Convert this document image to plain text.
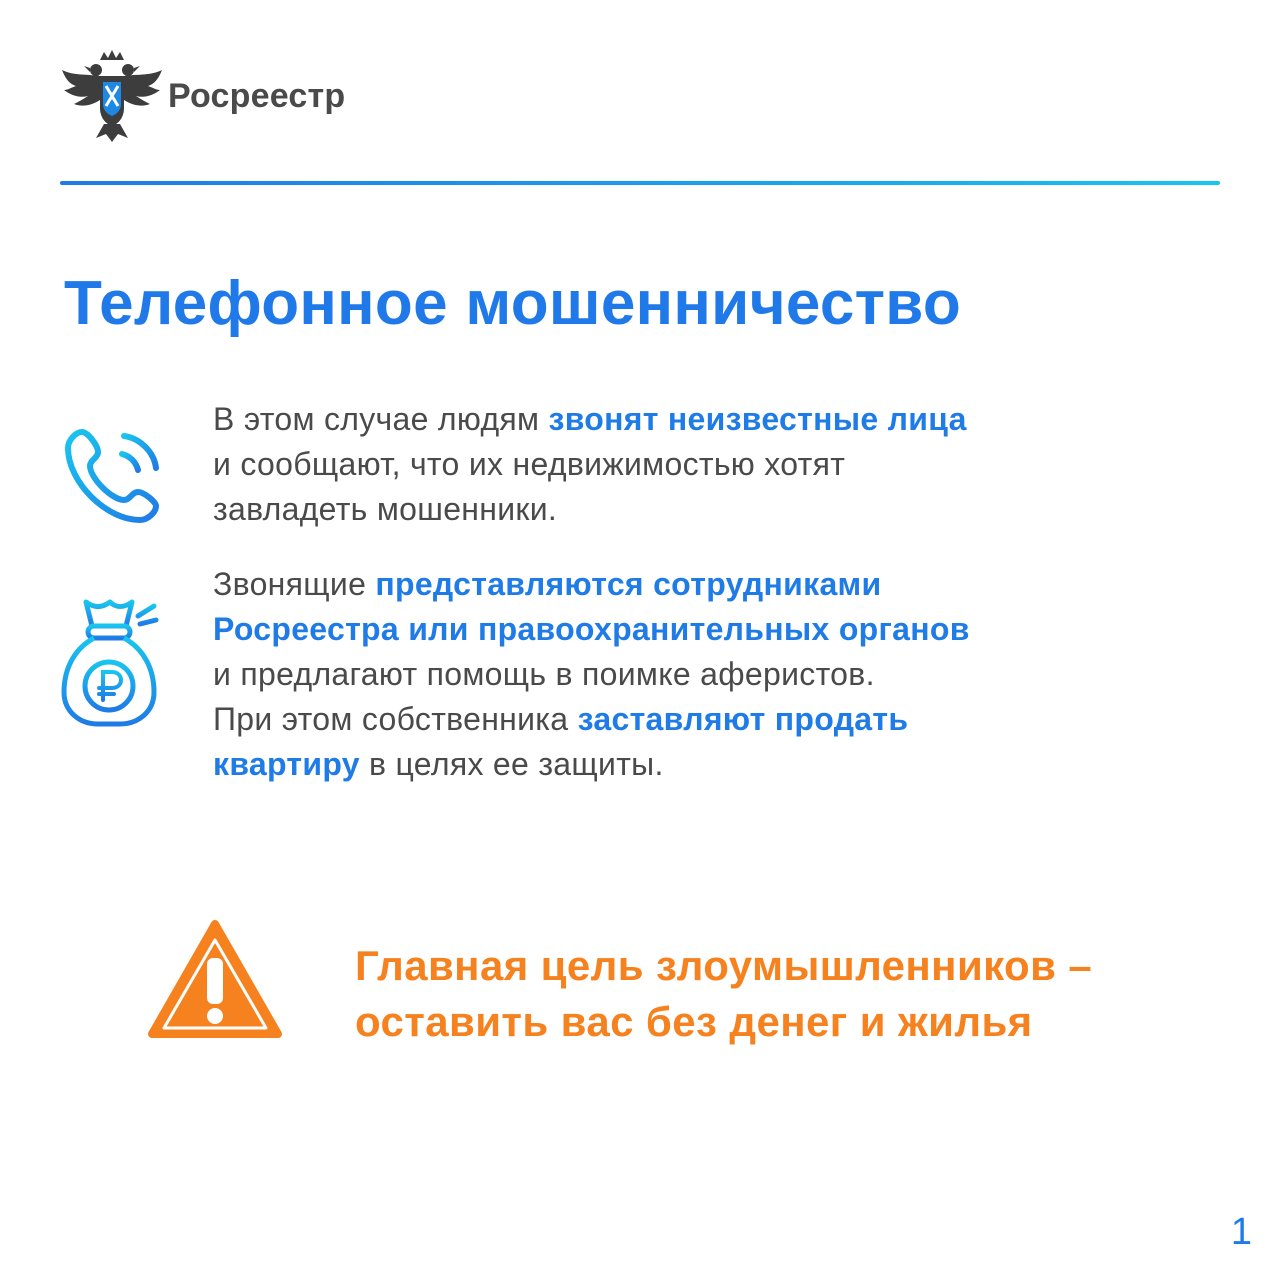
Росреестр
Телефонное мошенничество
В этом случае людям звонят неизвестные лица
и сообщают, что их недвижимостью хотят
завладеть мошенники.
Звонящие представляются сотрудниками
Росреестра или правоохранительных органов
и предлагают помощь в поимке аферистов.
При этом собственника заставляют продать
квартиру в целях ее защиты.
Главная цель злоумышленников –
оставить вас без денег и жилья
1
